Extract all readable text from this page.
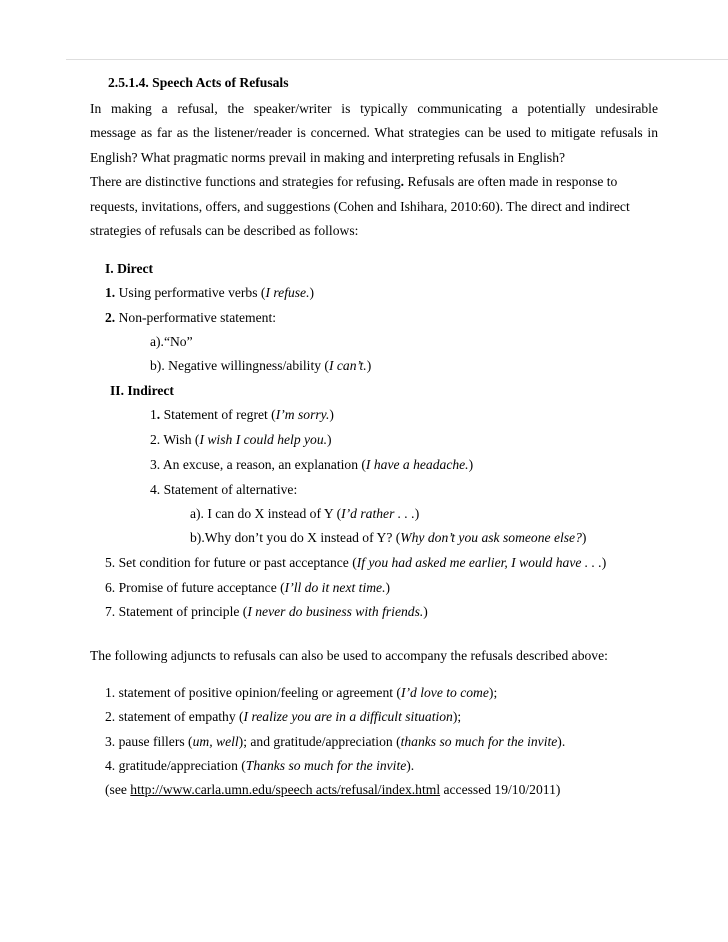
2.5.1.4. Speech Acts of Refusals
In making a refusal, the speaker/writer is typically communicating a potentially undesirable
message as far as the listener/reader is concerned. What strategies can be used to mitigate refusals in
English? What pragmatic norms prevail in making and interpreting refusals in English?
There are distinctive functions and strategies for refusing. Refusals are often made in response to
requests, invitations, offers, and suggestions (Cohen and Ishihara, 2010:60). The direct and indirect
strategies of refusals can be described as follows:
I. Direct
1. Using performative verbs (I refuse.)
2. Non-performative statement:
a).“No”
b). Negative willingness/ability (I can’t.)
II. Indirect
1. Statement of regret (I’m sorry.)
2. Wish (I wish I could help you.)
3. An excuse, a reason, an explanation (I have a headache.)
4. Statement of alternative:
a). I can do X instead of Y (I’d rather . . .)
b).Why don’t you do X instead of Y? (Why don’t you ask someone else?)
5. Set condition for future or past acceptance (If you had asked me earlier, I would have . . .)
6. Promise of future acceptance (I’ll do it next time.)
7. Statement of principle (I never do business with friends.)
The following adjuncts to refusals can also be used to accompany the refusals described above:
1. statement of positive opinion/feeling or agreement (I’d love to come);
2. statement of empathy (I realize you are in a difficult situation);
3. pause fillers (um, well); and gratitude/appreciation (thanks so much for the invite).
4. gratitude/appreciation (Thanks so much for the invite).
(see http://www.carla.umn.edu/speech acts/refusal/index.html accessed 19/10/2011)
